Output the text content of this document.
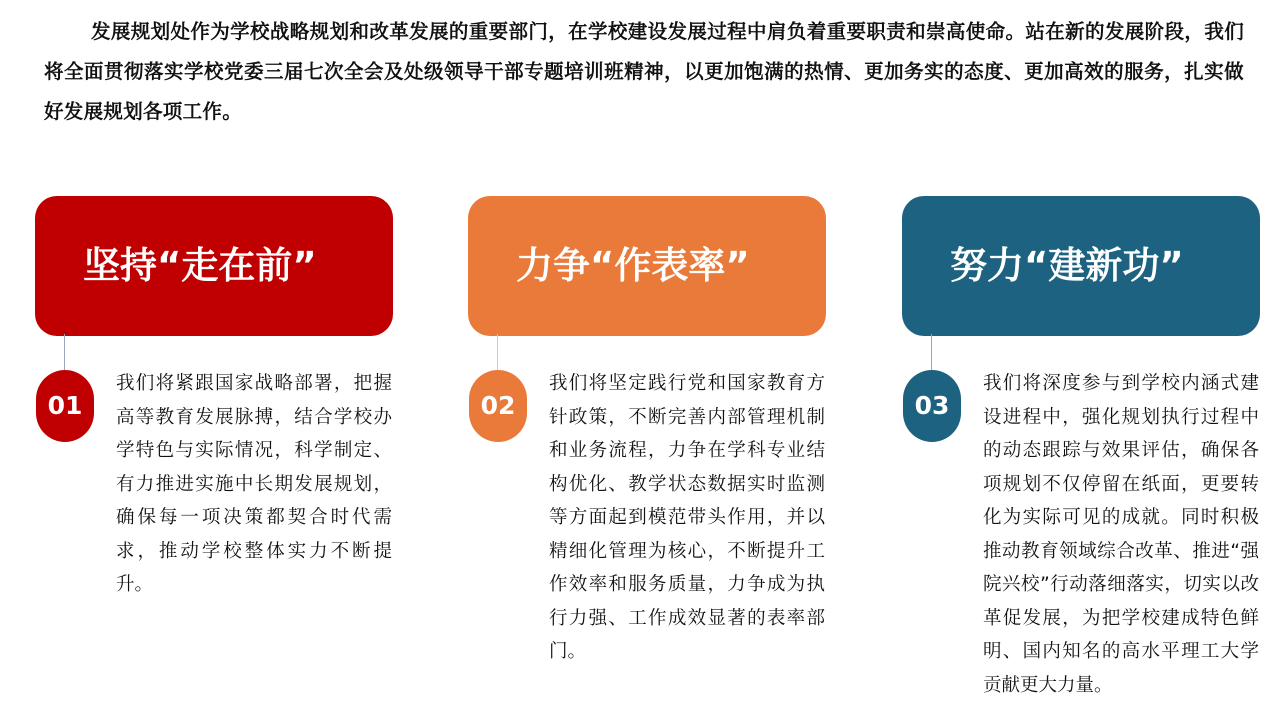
发展规划处作为学校战略规划和改革发展的重要部门，在学校建设发展过程中肩负着重要职责和崇高使命。站在新的发展阶段，我们将全面贯彻落实学校党委三届七次全会及处级领导干部专题培训班精神，以更加饱满的热情、更加务实的态度、更加高效的服务，扎实做好发展规划各项工作。
坚持“走在前”
01
我们将紧跟国家战略部署，把握高等教育发展脉搏，结合学校办学特色与实际情况，科学制定、有力推进实施中长期发展规划，确保每一项决策都契合时代需求，推动学校整体实力不断提升。
力争“作表率”
02
我们将坚定践行党和国家教育方针政策，不断完善内部管理机制和业务流程，力争在学科专业结构优化、教学状态数据实时监测等方面起到模范带头作用，并以精细化管理为核心，不断提升工作效率和服务质量，力争成为执行力强、工作成效显著的表率部门。
努力“建新功”
03
我们将深度参与到学校内涵式建设进程中，强化规划执行过程中的动态跟踪与效果评估，确保各项规划不仅停留在纸面，更要转化为实际可见的成就。同时积极推动教育领域综合改革、推进“强院兴校”行动落细落实，切实以改革促发展，为把学校建成特色鲜明、国内知名的高水平理工大学贡献更大力量。
